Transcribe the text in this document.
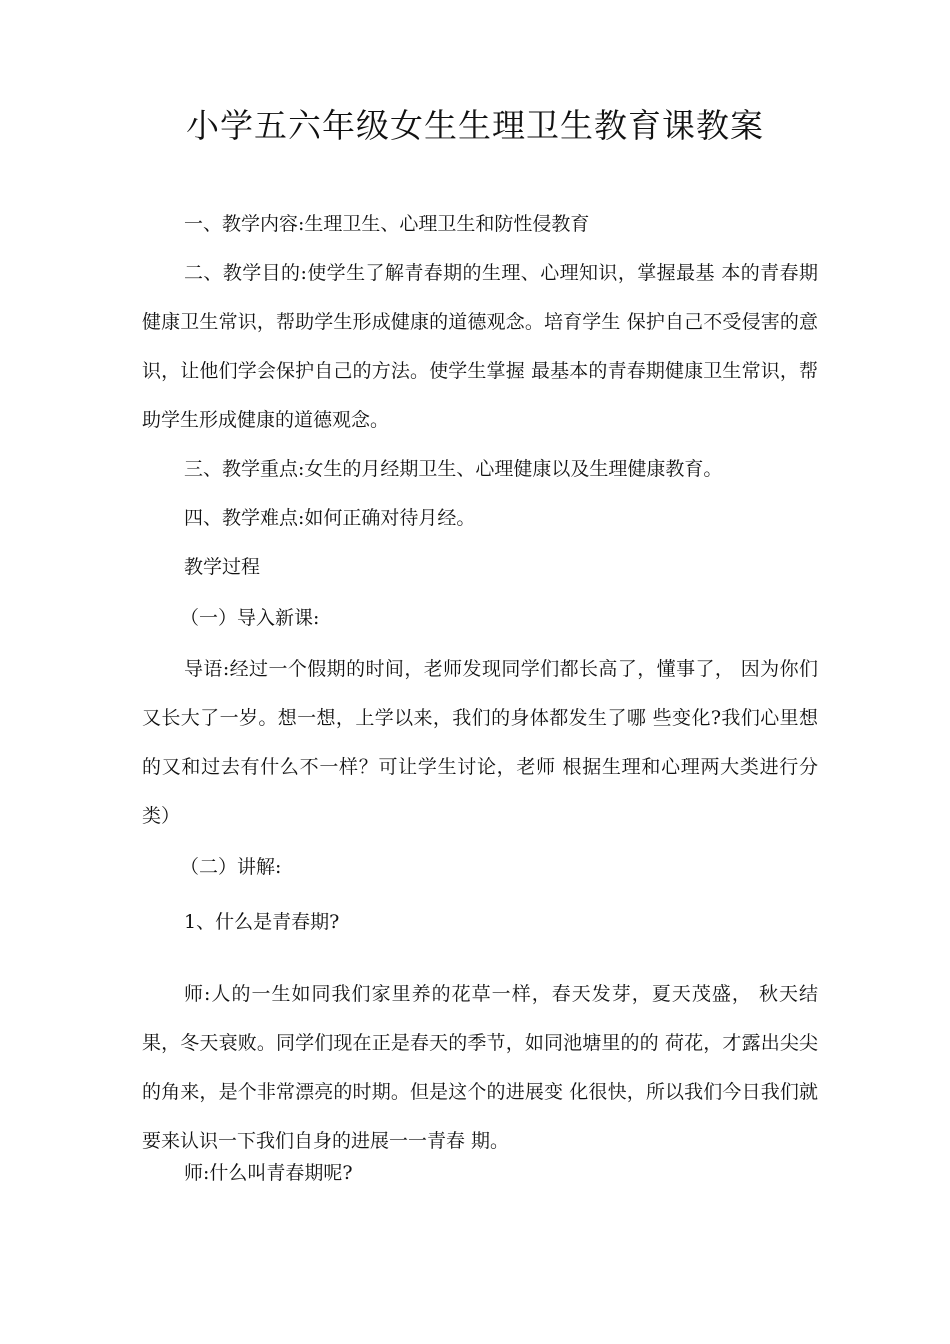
小学五六年级女生生理卫生教育课教案

一、教学内容:生理卫生、心理卫生和防性侵教育

二、教学目的:使学生了解青春期的生理、心理知识，掌握最基 本的青春期健康卫生常识，帮助学生形成健康的道德观念。培育学生 保护自己不受侵害的意识，让他们学会保护自己的方法。使学生掌握 最基本的青春期健康卫生常识，帮助学生形成健康的道德观念。

三、教学重点:女生的月经期卫生、心理健康以及生理健康教育。

四、教学难点:如何正确对待月经。

教学过程

（一）导入新课:

导语:经过一个假期的时间，老师发现同学们都长高了，懂事了， 因为你们又长大了一岁。想一想，上学以来，我们的身体都发生了哪 些变化?我们心里想的又和过去有什么不一样？可让学生讨论，老师 根据生理和心理两大类进行分类）

（二）讲解:

1、什么是青春期?

师:人的一生如同我们家里养的花草一样，春天发芽，夏天茂盛， 秋天结果，冬天衰败。同学们现在正是春天的季节，如同池塘里的的 荷花，才露出尖尖的角来，是个非常漂亮的时期。但是这个的进展变 化很快，所以我们今日我们就要来认识一下我们自身的进展一一青春 期。

师:什么叫青春期呢?
